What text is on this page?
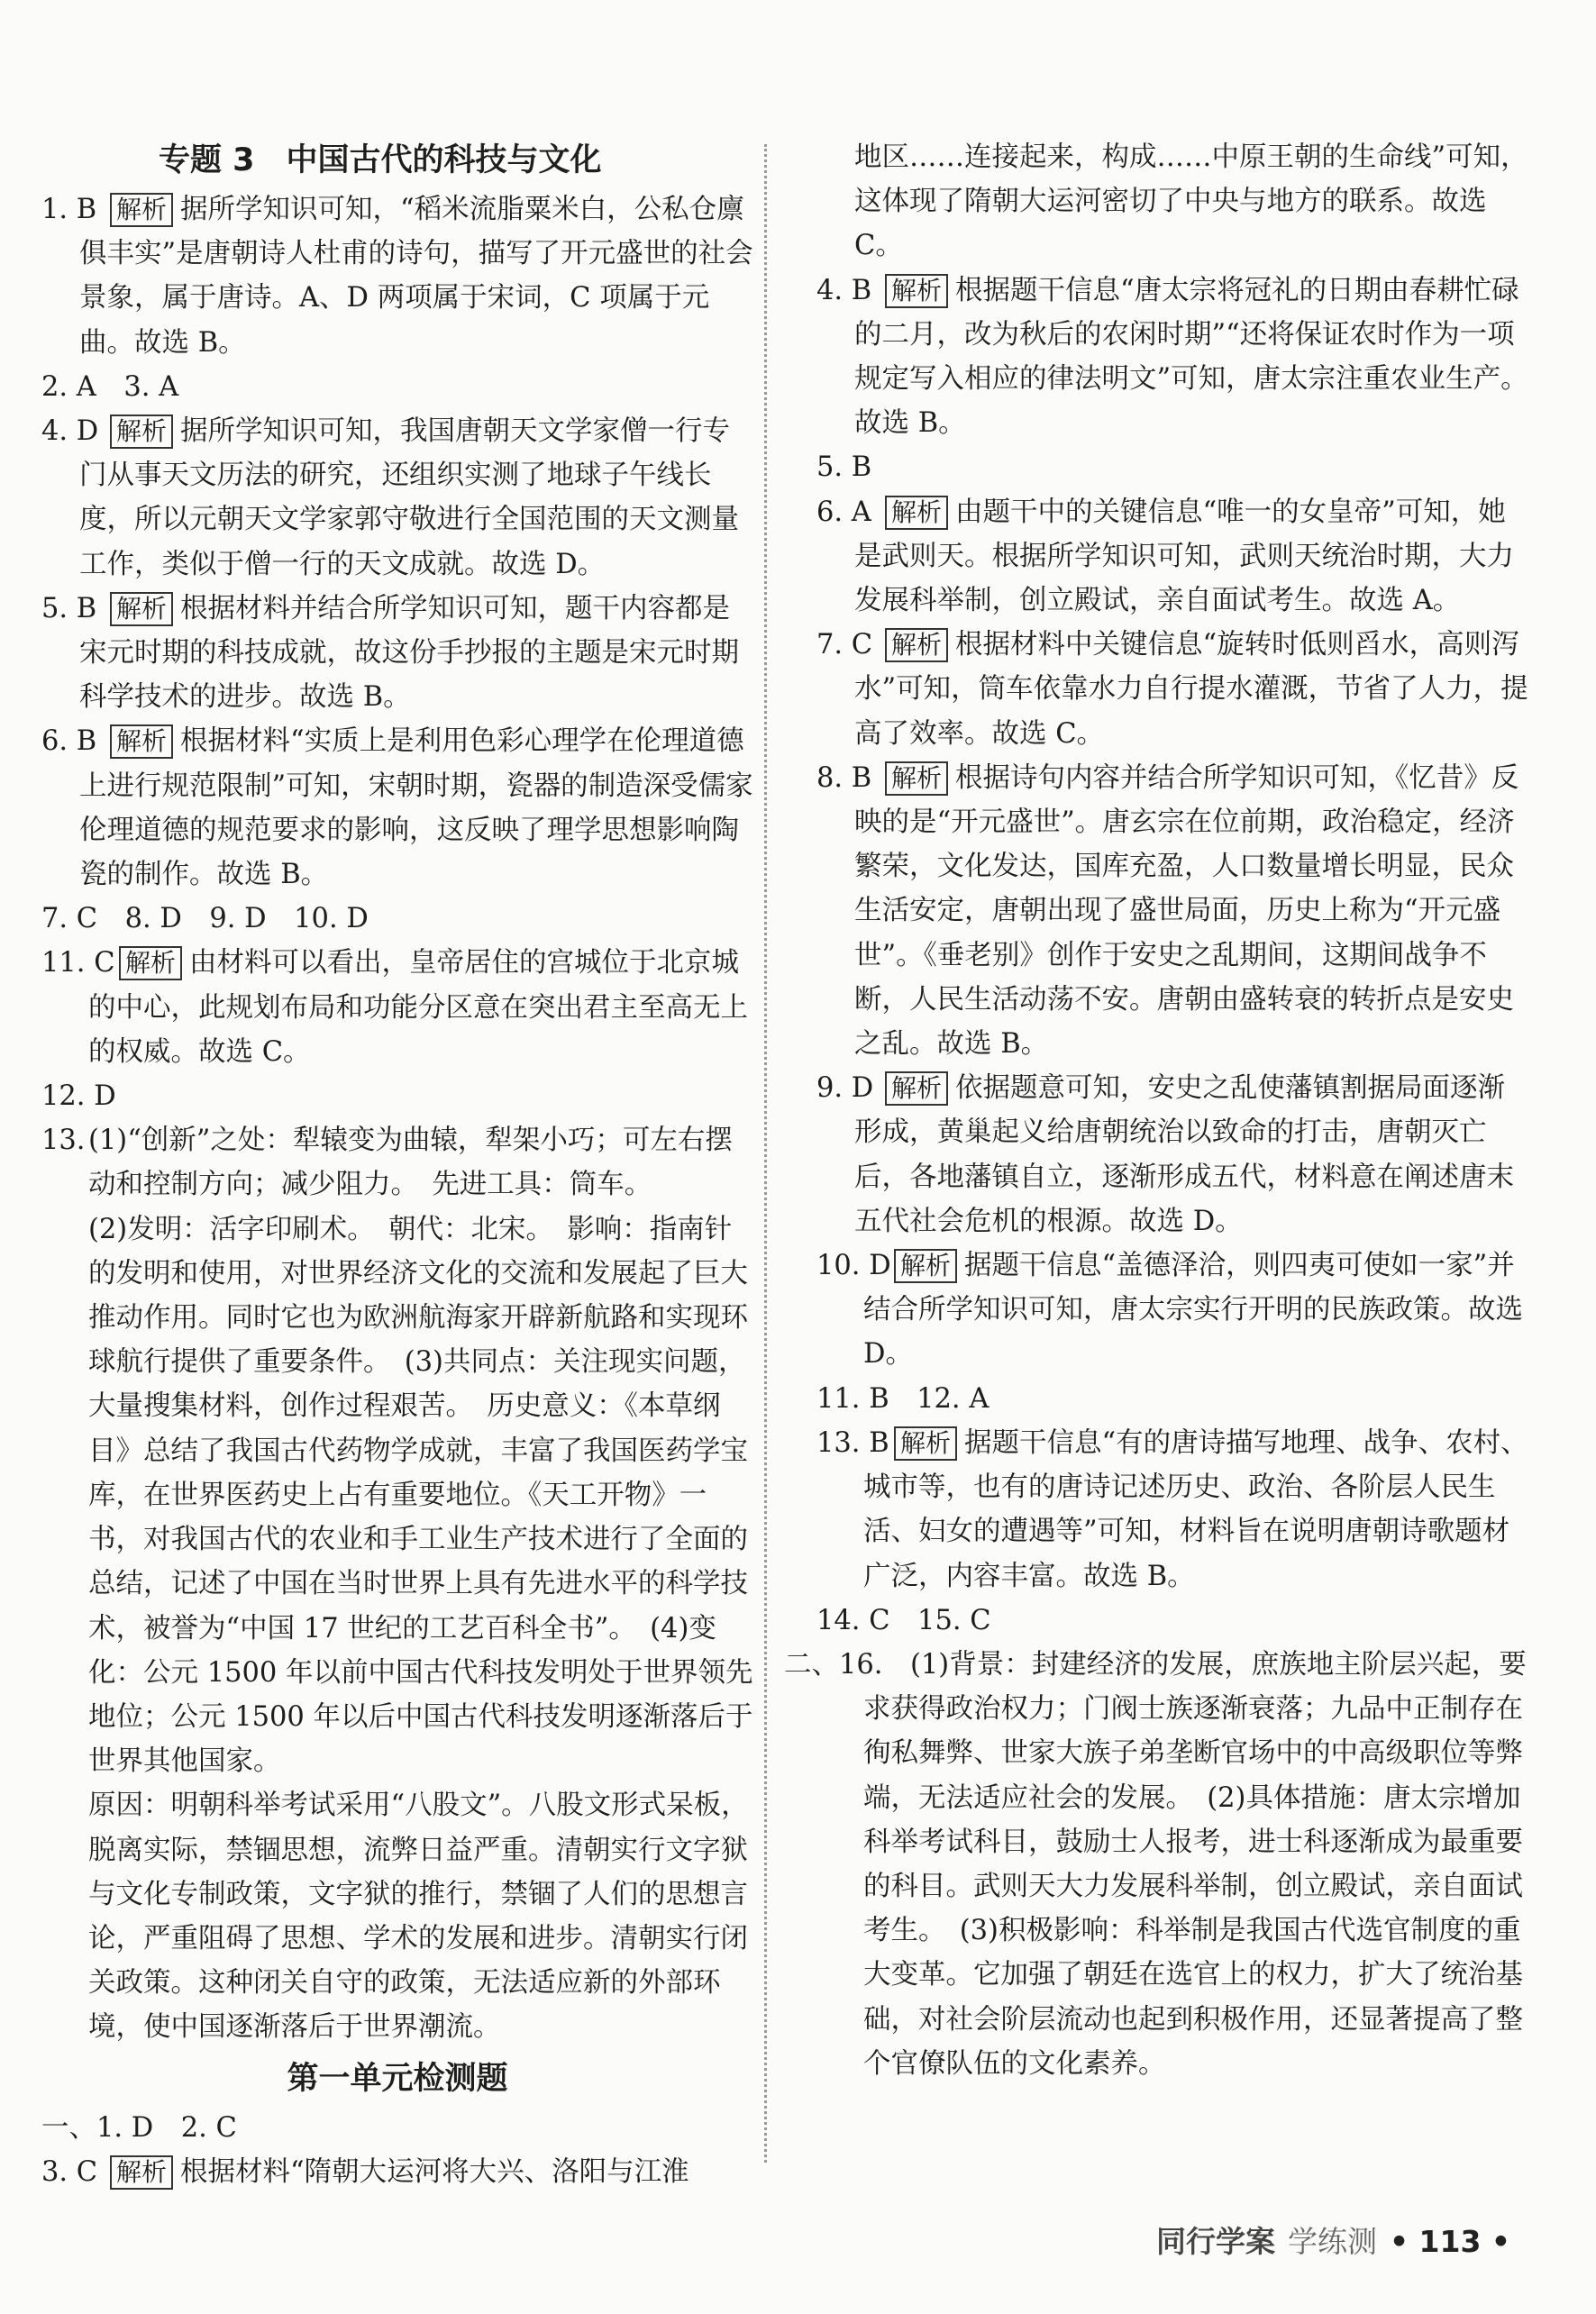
专题 3　中国古代的科技与文化

1. B 解析 据所学知识可知，“稻米流脂粟米白，公私仓廪俱丰实”是唐朝诗人杜甫的诗句，描写了开元盛世的社会景象，属于唐诗。A、D 两项属于宋词，C 项属于元曲。故选 B。

2. A　3. A

4. D 解析 据所学知识可知，我国唐朝天文学家僧一行专门从事天文历法的研究，还组织实测了地球子午线长度，所以元朝天文学家郭守敬进行全国范围的天文测量工作，类似于僧一行的天文成就。故选 D。

5. B 解析 根据材料并结合所学知识可知，题干内容都是宋元时期的科技成就，故这份手抄报的主题是宋元时期科学技术的进步。故选 B。

6. B 解析 根据材料“实质上是利用色彩心理学在伦理道德上进行规范限制”可知，宋朝时期，瓷器的制造深受儒家伦理道德的规范要求的影响，这反映了理学思想影响陶瓷的制作。故选 B。

7. C　8. D　9. D　10. D

11. C 解析 由材料可以看出，皇帝居住的宫城位于北京城的中心，此规划布局和功能分区意在突出君主至高无上的权威。故选 C。

12. D

13. (1)“创新”之处：犁辕变为曲辕，犁架小巧；可左右摆动和控制方向；减少阻力。　先进工具：筒车。

(2)发明：活字印刷术。　朝代：北宋。　影响：指南针的发明和使用，对世界经济文化的交流和发展起了巨大推动作用。同时它也为欧洲航海家开辟新航路和实现环球航行提供了重要条件。　(3)共同点：关注现实问题，大量搜集材料，创作过程艰苦。　历史意义：《本草纲目》总结了我国古代药物学成就，丰富了我国医药学宝库，在世界医药史上占有重要地位。《天工开物》一书，对我国古代的农业和手工业生产技术进行了全面的总结，记述了中国在当时世界上具有先进水平的科学技术，被誉为“中国 17 世纪的工艺百科全书”。　(4)变化：公元 1500 年以前中国古代科技发明处于世界领先地位；公元 1500 年以后中国古代科技发明逐渐落后于世界其他国家。

原因：明朝科举考试采用“八股文”。八股文形式呆板，脱离实际，禁锢思想，流弊日益严重。清朝实行文字狱与文化专制政策，文字狱的推行，禁锢了人们的思想言论，严重阻碍了思想、学术的发展和进步。清朝实行闭关政策。这种闭关自守的政策，无法适应新的外部环境，使中国逐渐落后于世界潮流。

第一单元检测题

一、1. D　2. C

3. C 解析 根据材料“隋朝大运河将大兴、洛阳与江淮

地区……连接起来，构成……中原王朝的生命线”可知，这体现了隋朝大运河密切了中央与地方的联系。故选 C。

4. B 解析 根据题干信息“唐太宗将冠礼的日期由春耕忙碌的二月，改为秋后的农闲时期”“还将保证农时作为一项规定写入相应的律法明文”可知，唐太宗注重农业生产。故选 B。

5. B

6. A 解析 由题干中的关键信息“唯一的女皇帝”可知，她是武则天。根据所学知识可知，武则天统治时期，大力发展科举制，创立殿试，亲自面试考生。故选 A。

7. C 解析 根据材料中关键信息“旋转时低则舀水，高则泻水”可知，筒车依靠水力自行提水灌溉，节省了人力，提高了效率。故选 C。

8. B 解析 根据诗句内容并结合所学知识可知，《忆昔》反映的是“开元盛世”。唐玄宗在位前期，政治稳定，经济繁荣，文化发达，国库充盈，人口数量增长明显，民众生活安定，唐朝出现了盛世局面，历史上称为“开元盛世”。《垂老别》创作于安史之乱期间，这期间战争不断，人民生活动荡不安。唐朝由盛转衰的转折点是安史之乱。故选 B。

9. D 解析 依据题意可知，安史之乱使藩镇割据局面逐渐形成，黄巢起义给唐朝统治以致命的打击，唐朝灭亡后，各地藩镇自立，逐渐形成五代，材料意在阐述唐末五代社会危机的根源。故选 D。

10. D 解析 据题干信息“盖德泽洽，则四夷可使如一家”并结合所学知识可知，唐太宗实行开明的民族政策。故选 D。

11. B　12. A

13. B 解析 据题干信息“有的唐诗描写地理、战争、农村、城市等，也有的唐诗记述历史、政治、各阶层人民生活、妇女的遭遇等”可知，材料旨在说明唐朝诗歌题材广泛，内容丰富。故选 B。

14. C　15. C

二、16. (1)背景：封建经济的发展，庶族地主阶层兴起，要求获得政治权力；门阀士族逐渐衰落；九品中正制存在徇私舞弊、世家大族子弟垄断官场中的中高级职位等弊端，无法适应社会的发展。　(2)具体措施：唐太宗增加科举考试科目，鼓励士人报考，进士科逐渐成为最重要的科目。武则天大力发展科举制，创立殿试，亲自面试考生。　(3)积极影响：科举制是我国古代选官制度的重大变革。它加强了朝廷在选官上的权力，扩大了统治基础，对社会阶层流动也起到积极作用，还显著提高了整个官僚队伍的文化素养。

同行学案 学练测 • 113 •
